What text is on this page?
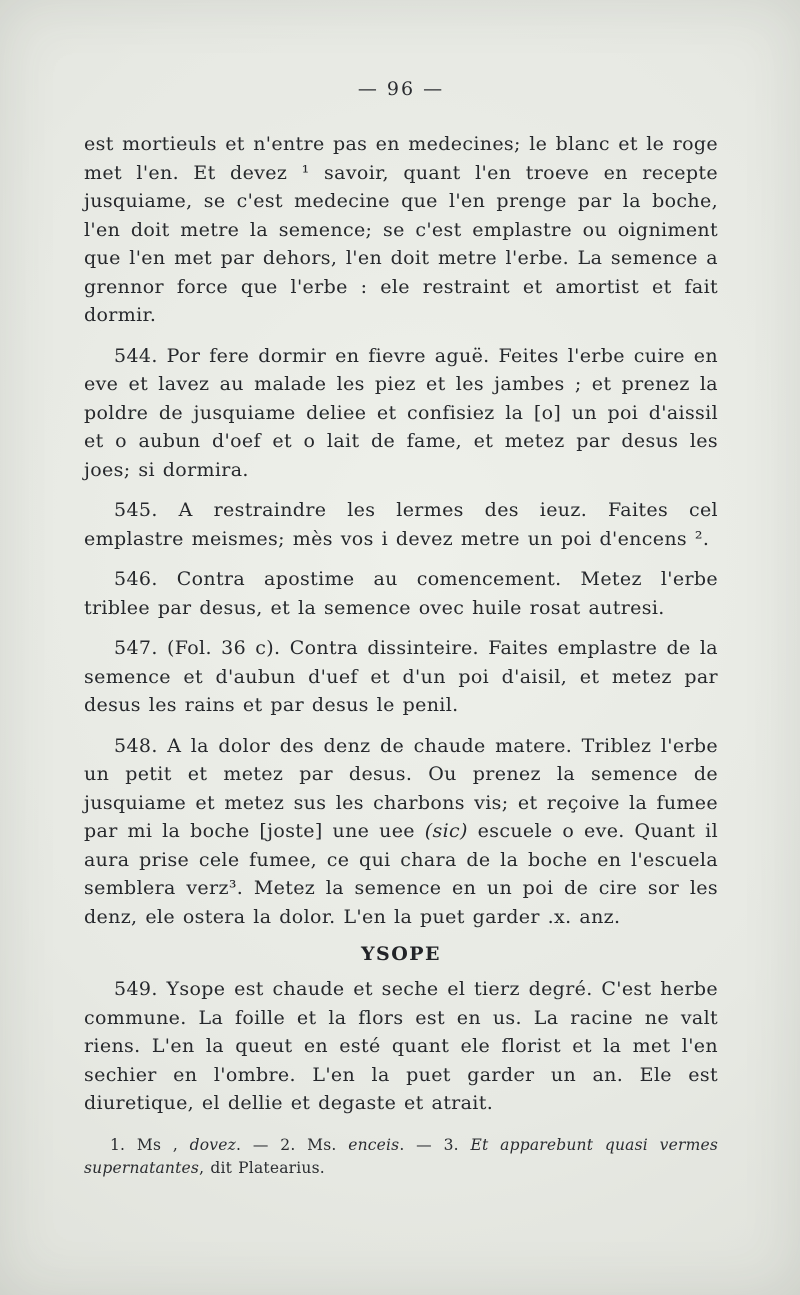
— 96 —

est mortieuls et n'entre pas en medecines; le blanc et le roge met l'en. Et devez ¹ savoir, quant l'en troeve en recepte jusquiame, se c'est medecine que l'en prenge par la boche, l'en doit metre la semence; se c'est emplastre ou oigniment que l'en met par dehors, l'en doit metre l'erbe. La semence a grennor force que l'erbe : ele restraint et amortist et fait dormir.

544. Por fere dormir en fievre aguë. Feites l'erbe cuire en eve et lavez au malade les piez et les jambes ; et prenez la poldre de jusquiame deliee et confisiez la [o] un poi d'aissil et o aubun d'oef et o lait de fame, et metez par desus les joes; si dormira.

545. A restraindre les lermes des ieuz. Faites cel emplastre meismes; mès vos i devez metre un poi d'encens ².

546. Contra apostime au comencement. Metez l'erbe triblee par desus, et la semence ovec huile rosat autresi.

547. (Fol. 36 c). Contra dissinteire. Faites emplastre de la semence et d'aubun d'uef et d'un poi d'aisil, et metez par desus les rains et par desus le penil.

548. A la dolor des denz de chaude matere. Triblez l'erbe un petit et metez par desus. Ou prenez la semence de jusquiame et metez sus les charbons vis; et reçoive la fumee par mi la boche [joste] une uee (sic) escuele o eve. Quant il aura prise cele fumee, ce qui chara de la boche en l'escuela semblera verz³. Metez la semence en un poi de cire sor les denz, ele ostera la dolor. L'en la puet garder .x. anz.

YSOPE

549. Ysope est chaude et seche el tierz degré. C'est herbe commune. La foille et la flors est en us. La racine ne valt riens. L'en la queut en esté quant ele florist et la met l'en sechier en l'ombre. L'en la puet garder un an. Ele est diuretique, el dellie et degaste et atrait.

1. Ms , dovez. — 2. Ms. enceis. — 3. Et apparebunt quasi vermes supernatantes, dit Platearius.
